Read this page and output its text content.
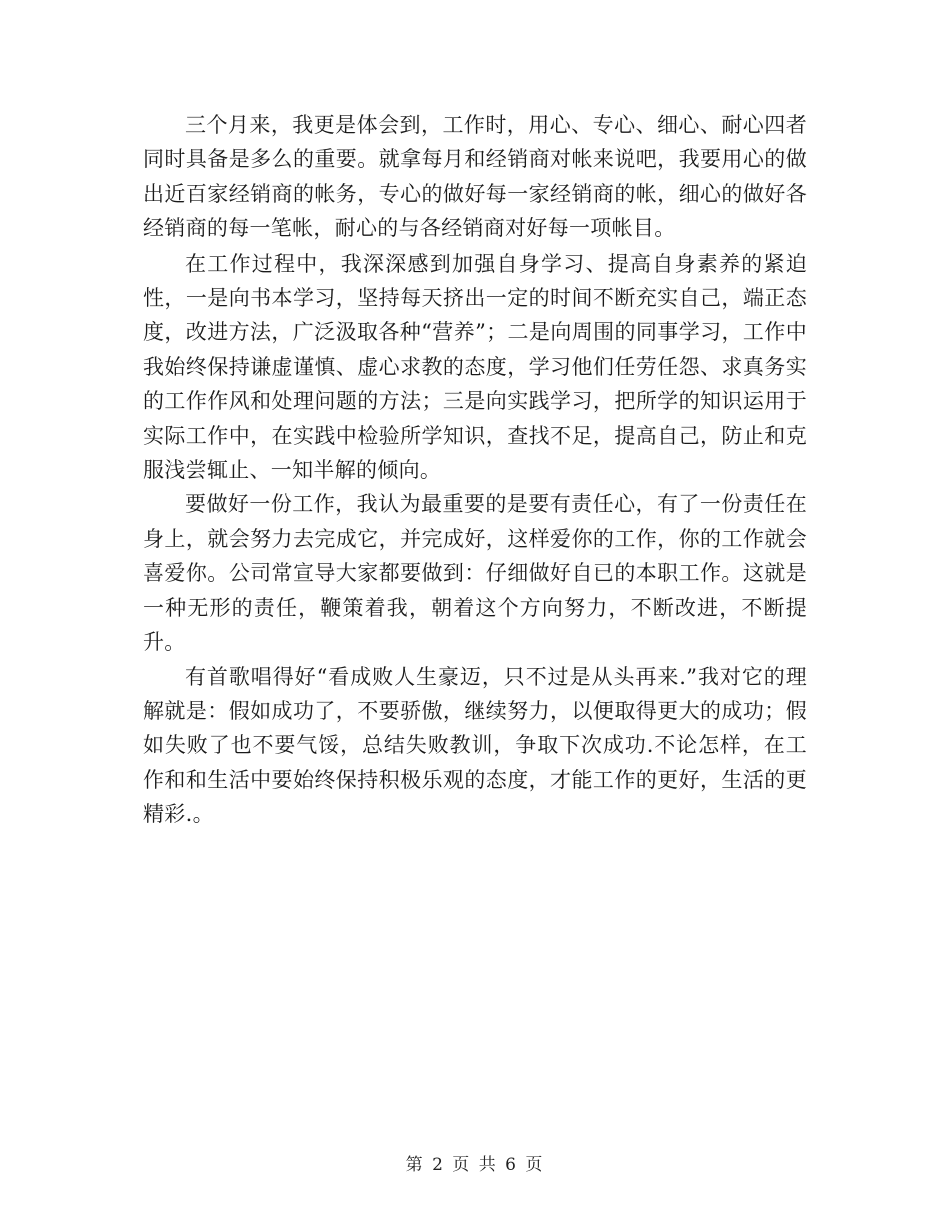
三个月来，我更是体会到，工作时，用心、专心、细心、耐心四者同时具备是多么的重要。就拿每月和经销商对帐来说吧，我要用心的做出近百家经销商的帐务，专心的做好每一家经销商的帐，细心的做好各经销商的每一笔帐，耐心的与各经销商对好每一项帐目。

在工作过程中，我深深感到加强自身学习、提高自身素养的紧迫性，一是向书本学习，坚持每天挤出一定的时间不断充实自己，端正态度，改进方法，广泛汲取各种“营养”；二是向周围的同事学习，工作中我始终保持谦虚谨慎、虚心求教的态度，学习他们任劳任怨、求真务实的工作作风和处理问题的方法；三是向实践学习，把所学的知识运用于实际工作中，在实践中检验所学知识，查找不足，提高自己，防止和克服浅尝辄止、一知半解的倾向。

要做好一份工作，我认为最重要的是要有责任心，有了一份责任在身上，就会努力去完成它，并完成好，这样爱你的工作，你的工作就会喜爱你。公司常宣导大家都要做到：仔细做好自已的本职工作。这就是一种无形的责任，鞭策着我，朝着这个方向努力，不断改进，不断提升。

有首歌唱得好“看成败人生豪迈，只不过是从头再来.”我对它的理解就是：假如成功了，不要骄傲，继续努力，以便取得更大的成功；假如失败了也不要气馁，总结失败教训，争取下次成功.不论怎样，在工作和和生活中要始终保持积极乐观的态度，才能工作的更好，生活的更精彩.。

第 2 页 共 6 页
